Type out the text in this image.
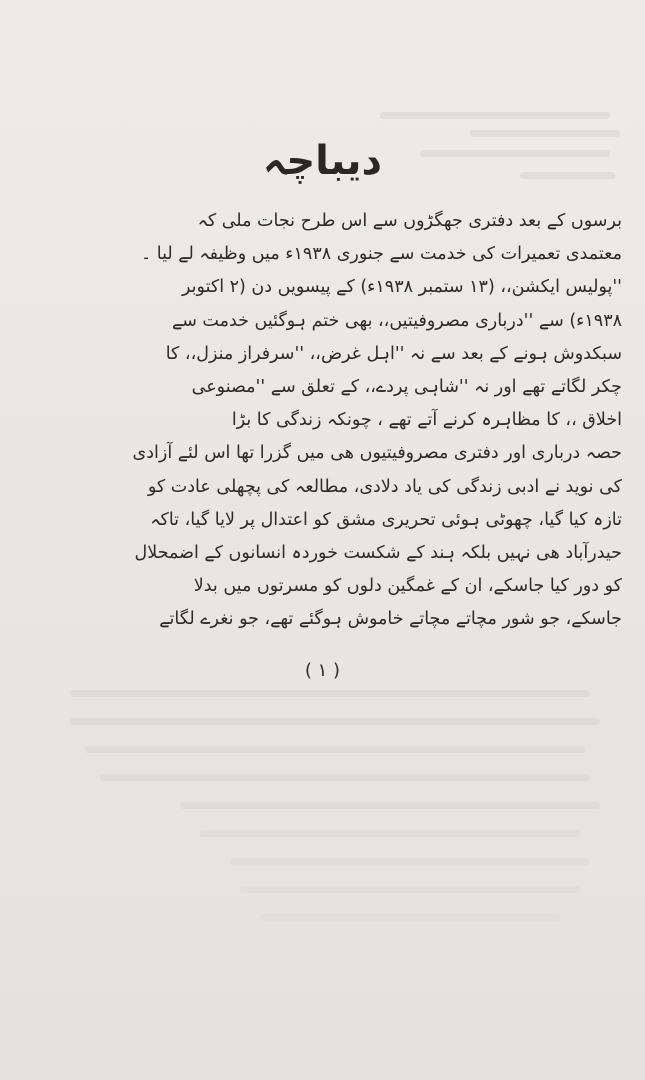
دیباچہ
برسوں کے بعد دفتری جھگڑوں سے اس طرح نجات ملی کہ
معتمدی تعمیرات کی خدمت سے جنوری ۱۹۳۸ء میں وظیفہ لے لیا ۔
''پولیس ایکشن،، (۱۳ ستمبر ۱۹۳۸ء) کے پیسویں دن (۲ اکتوبر
۱۹۳۸ء) سے ''درباری مصروفیتیں،، بھی ختم ہوگئیں خدمت سے
سبکدوش ہونے کے بعد سے نہ ''اہل غرض،، ''سرفراز منزل،، کا
چکر لگاتے تھے اور نہ ''شاہی پردے،، کے تعلق سے ''مصنوعی
اخلاق ،، کا مظاہرہ کرنے آتے تھے ، چونکہ زندگی کا بڑا
حصہ درباری اور دفتری مصروفیتیوں ھی میں گزرا تھا اس لئے آزادی
کی نوید نے ادبی زندگی کی یاد دلادی، مطالعہ کی پچھلی عادت کو
تازہ کیا گیا، چھوٹی ہوئی تحریری مشق کو اعتدال پر لایا گیا، تاکہ
حیدرآباد ھی نہیں بلکہ ہند کے شکست خوردہ انسانوں کے اضمحلال
کو دور کیا جاسکے، ان کے غمگین دلوں کو مسرتوں میں بدلا
جاسکے، جو شور مچاتے مچاتے خاموش ہوگئے تھے، جو نغرے لگاتے
( ۱ )
